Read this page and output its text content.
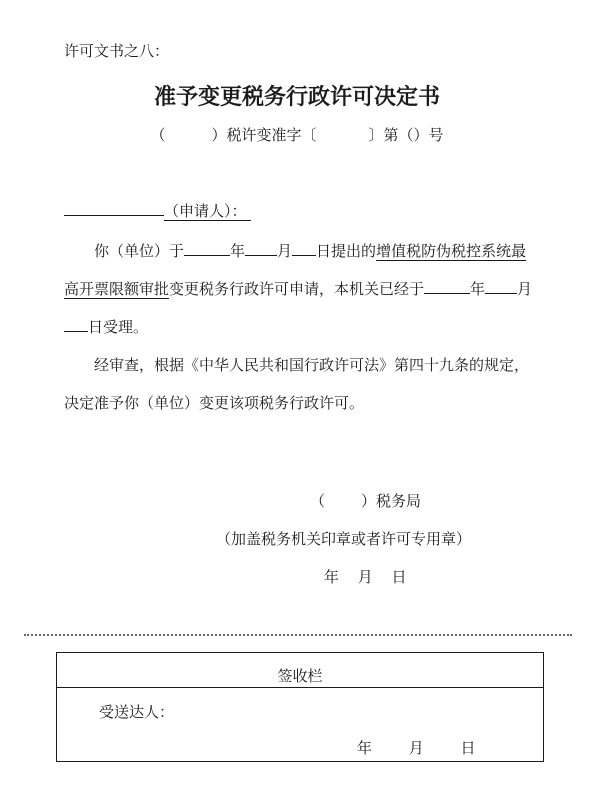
许可文书之八：
准予变更税务行政许可决定书
（	）税许变准字〔	〕第（）号
（申请人）：

你（单位）于	年 月 日提出的增值税防伪税控系统最高开票限额审批变更税务行政许可申请，本机关已经于	年 月日受理。

经审查，根据《中华人民共和国行政许可法》第四十九条的规定，决定准予你（单位）变更该项税务行政许可。

（ ）税务局
（加盖税务机关印章或者许可专用章）
年 月 日
签收栏
受送达人：
年 月 日
